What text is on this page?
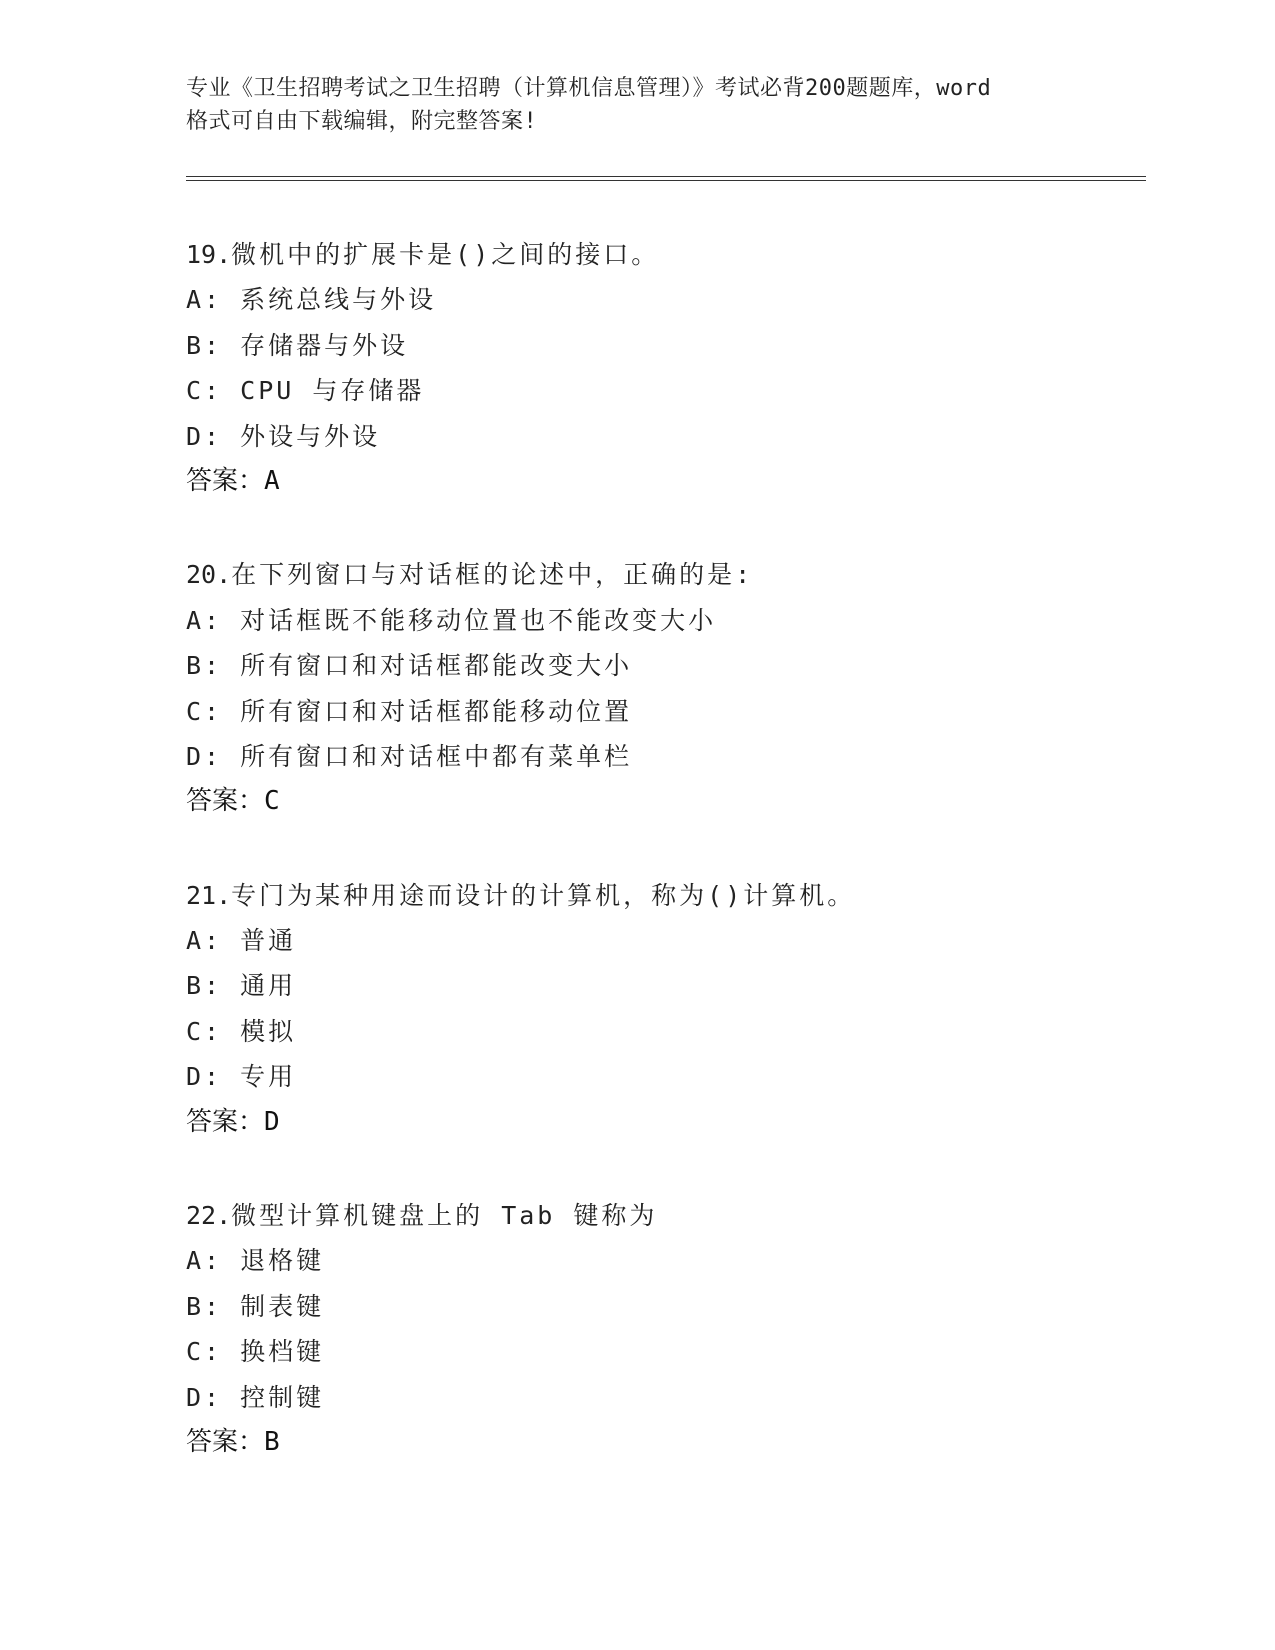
专业《卫生招聘考试之卫生招聘（计算机信息管理）》考试必背200题题库，word
格式可自由下载编辑，附完整答案!
19.微机中的扩展卡是()之间的接口。
A: 系统总线与外设
B: 存储器与外设
C: CPU 与存储器
D: 外设与外设
答案：A
20.在下列窗口与对话框的论述中，正确的是:
A: 对话框既不能移动位置也不能改变大小
B: 所有窗口和对话框都能改变大小
C: 所有窗口和对话框都能移动位置
D: 所有窗口和对话框中都有菜单栏
答案：C
21.专门为某种用途而设计的计算机，称为()计算机。
A: 普通
B: 通用
C: 模拟
D: 专用
答案：D
22.微型计算机键盘上的 Tab 键称为
A: 退格键
B: 制表键
C: 换档键
D: 控制键
答案：B
